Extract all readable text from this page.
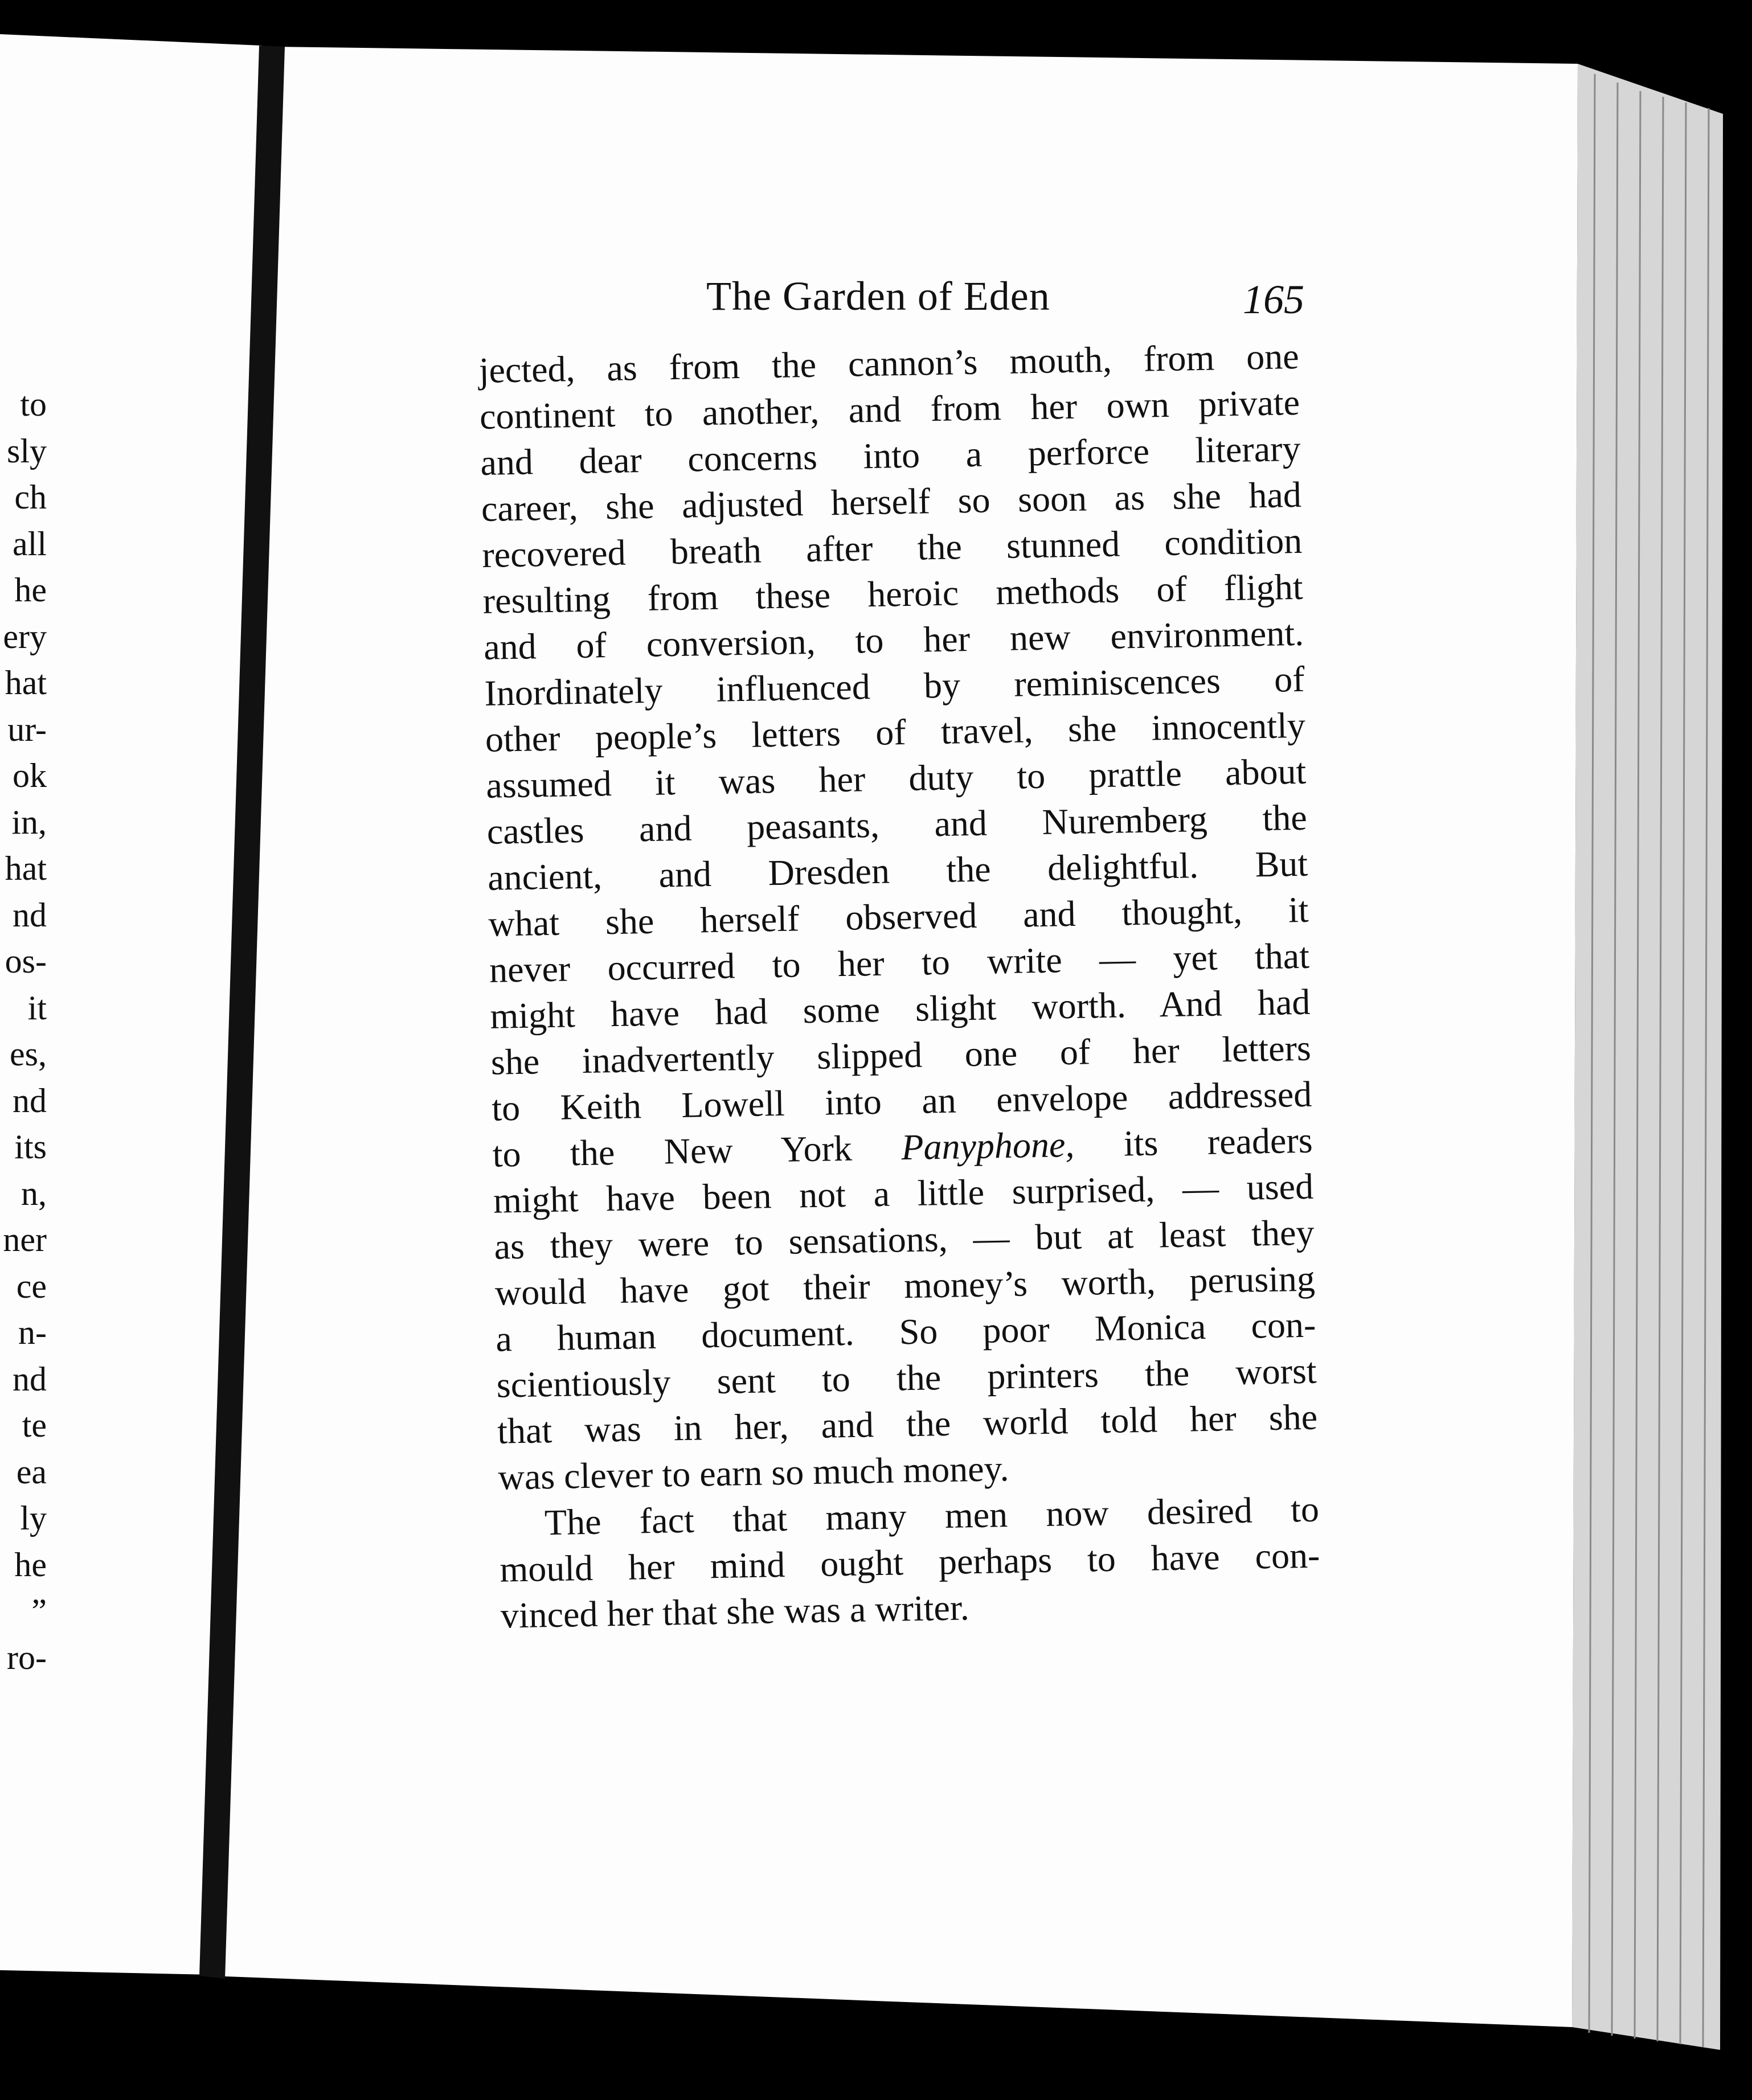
to
sly
ch
all
he
ery
hat
ur-
ok
in,
hat
nd
os-
it
es,
nd
its
n,
ner
ce
n-
nd
te
ea
ly
he
”
ro-
The Garden of Eden	165
jected, as from the cannon’s mouth, from one
continent to another, and from her own private
and dear concerns into a perforce literary
career, she adjusted herself so soon as she had
recovered breath after the stunned condition
resulting from these heroic methods of flight
and of conversion, to her new environment.
Inordinately influenced by reminiscences of
other people’s letters of travel, she innocently
assumed it was her duty to prattle about
castles and peasants, and Nuremberg the
ancient, and Dresden the delightful. But
what she herself observed and thought, it
never occurred to her to write — yet that
might have had some slight worth. And had
she inadvertently slipped one of her letters
to Keith Lowell into an envelope addressed
to the New York Panyphone, its readers
might have been not a little surprised, — used
as they were to sensations, — but at least they
would have got their money’s worth, perusing
a human document. So poor Monica con-
scientiously sent to the printers the worst
that was in her, and the world told her she
was clever to earn so much money.
The fact that many men now desired to
mould her mind ought perhaps to have con-
vinced her that she was a writer.
